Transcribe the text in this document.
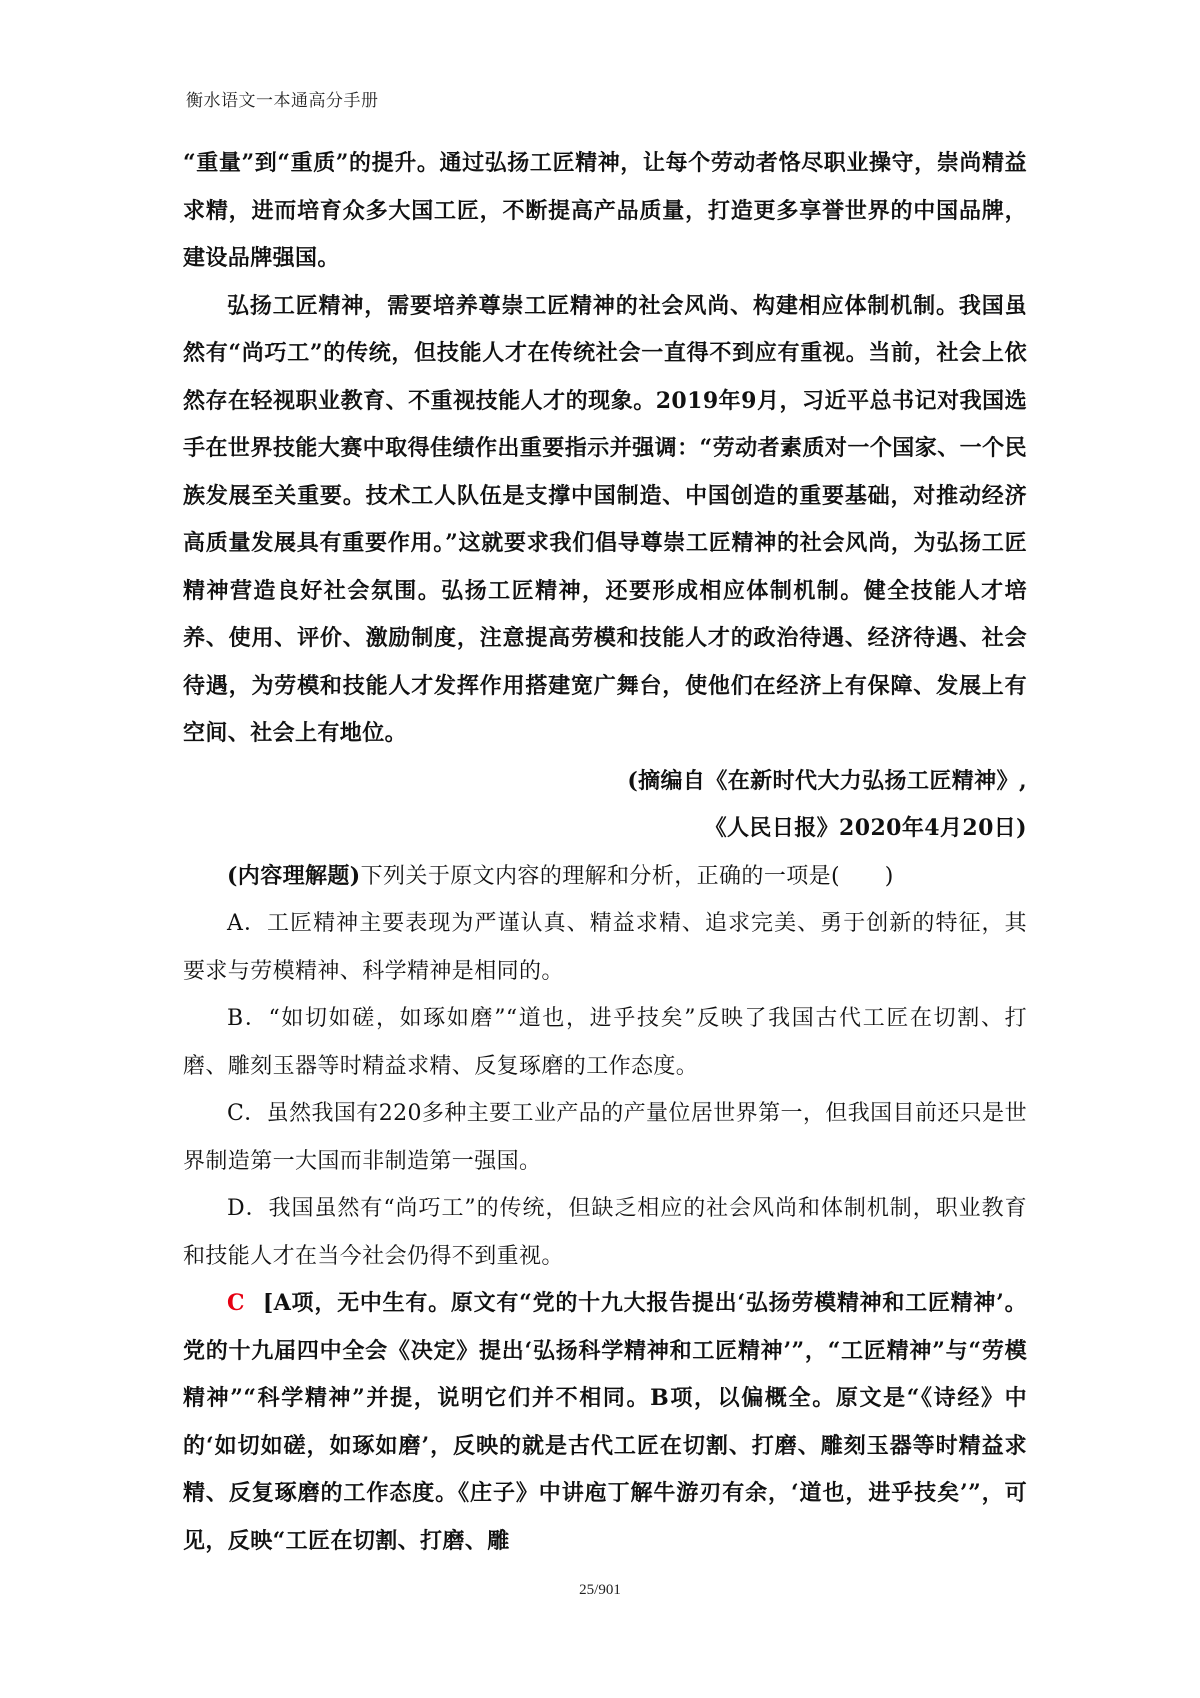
衡水语文一本通高分手册

“重量”到“重质”的提升。通过弘扬工匠精神，让每个劳动者恪尽职业操守，崇尚精益求精，进而培育众多大国工匠，不断提高产品质量，打造更多享誉世界的中国品牌，建设品牌强国。

弘扬工匠精神，需要培养尊崇工匠精神的社会风尚、构建相应体制机制。我国虽然有“尚巧工”的传统，但技能人才在传统社会一直得不到应有重视。当前，社会上依然存在轻视职业教育、不重视技能人才的现象。2019年9月，习近平总书记对我国选手在世界技能大赛中取得佳绩作出重要指示并强调：“劳动者素质对一个国家、一个民族发展至关重要。技术工人队伍是支撑中国制造、中国创造的重要基础，对推动经济高质量发展具有重要作用。”这就要求我们倡导尊崇工匠精神的社会风尚，为弘扬工匠精神营造良好社会氛围。弘扬工匠精神，还要形成相应体制机制。健全技能人才培养、使用、评价、激励制度，注意提高劳模和技能人才的政治待遇、经济待遇、社会待遇，为劳模和技能人才发挥作用搭建宽广舞台，使他们在经济上有保障、发展上有空间、社会上有地位。

(摘编自《在新时代大力弘扬工匠精神》,

《人民日报》2020年4月20日)

(内容理解题)下列关于原文内容的理解和分析，正确的一项是(　　)

A．工匠精神主要表现为严谨认真、精益求精、追求完美、勇于创新的特征，其要求与劳模精神、科学精神是相同的。

B．“如切如磋，如琢如磨”“道也，进乎技矣”反映了我国古代工匠在切割、打磨、雕刻玉器等时精益求精、反复琢磨的工作态度。

C．虽然我国有220多种主要工业产品的产量位居世界第一，但我国目前还只是世界制造第一大国而非制造第一强国。

D．我国虽然有“尚巧工”的传统，但缺乏相应的社会风尚和体制机制，职业教育和技能人才在当今社会仍得不到重视。

C [A项，无中生有。原文有“党的十九大报告提出‘弘扬劳模精神和工匠精神’。党的十九届四中全会《决定》提出‘弘扬科学精神和工匠精神’”，“工匠精神”与“劳模精神”“科学精神”并提，说明它们并不相同。B项，以偏概全。原文是“《诗经》中的‘如切如磋，如琢如磨’，反映的就是古代工匠在切割、打磨、雕刻玉器等时精益求精、反复琢磨的工作态度。《庄子》中讲庖丁解牛游刃有余，‘道也，进乎技矣’”，可见，反映“工匠在切割、打磨、雕

25/901
